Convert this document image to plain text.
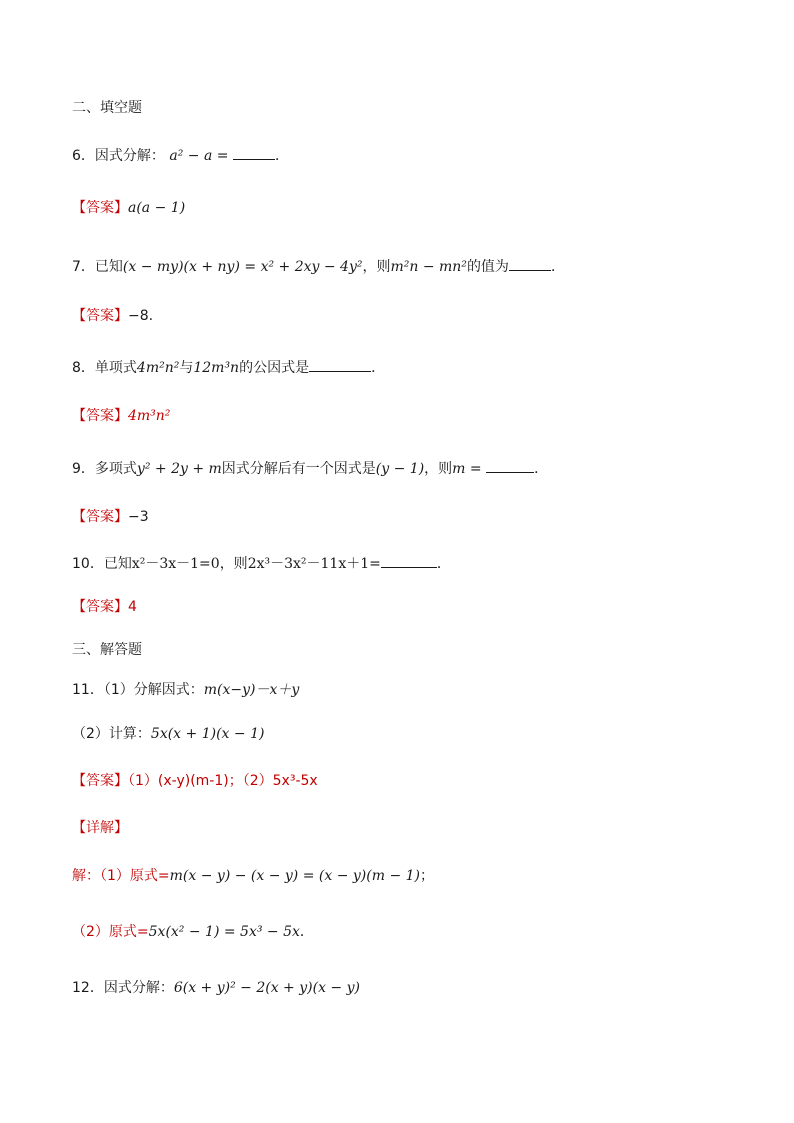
二、填空题
6．因式分解： a² − a =	．
【答案】a(a − 1)
7．已知(x − my)(x + ny) = x² + 2xy − 4y²，则m²n − mn²的值为	．
【答案】−8.
8．单项式4m²n²与12m³n的公因式是	．
【答案】4m³n²
9．多项式y² + 2y + m因式分解后有一个因式是(y − 1)，则m =	．
【答案】−3
10．已知x²－3x－1=0，则2x³－3x²－11x＋1=	．
【答案】4
三、解答题
11．（1）分解因式：m(x−y)－x＋y
（2）计算：5x(x + 1)(x − 1)
【答案】（1）(x-y)(m-1)；（2）5x³-5x
【详解】
解：（1）原式=m(x − y) − (x − y) = (x − y)(m − 1)；
（2）原式=5x(x² − 1) = 5x³ − 5x．
12．因式分解：6(x + y)² − 2(x + y)(x − y)
